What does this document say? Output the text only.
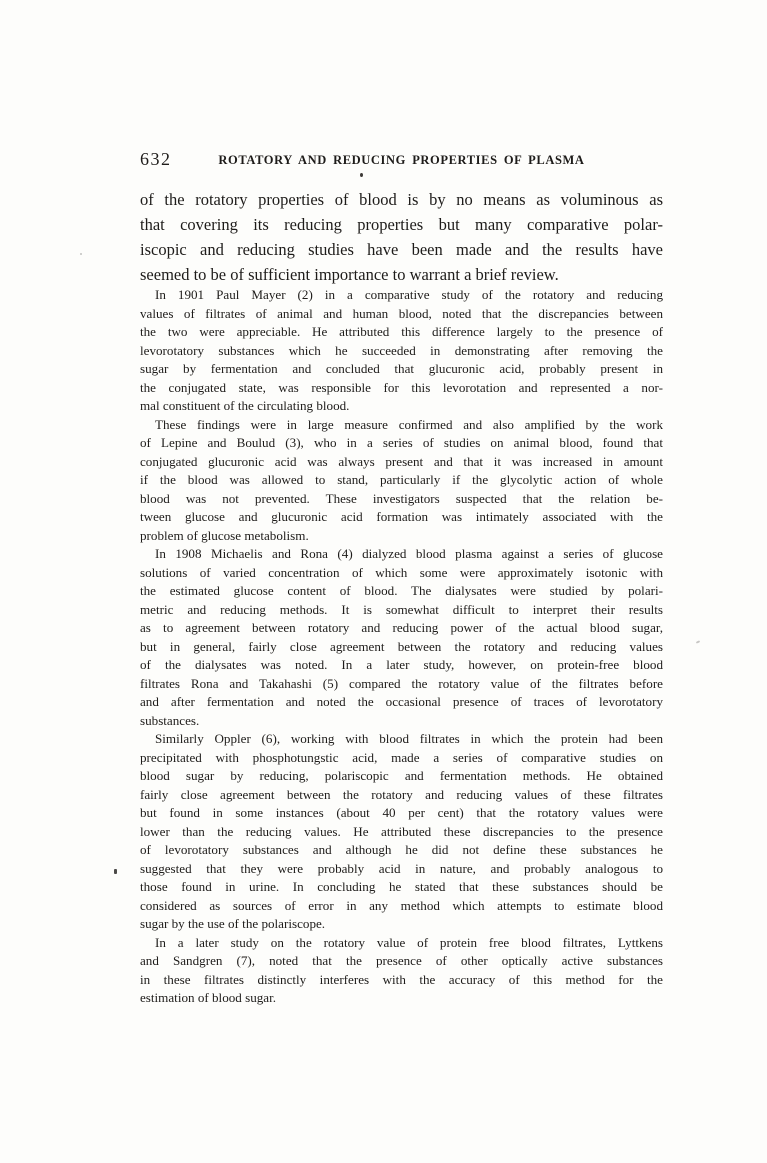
632	ROTATORY AND REDUCING PROPERTIES OF PLASMA
of the rotatory properties of blood is by no means as voluminous as
that covering its reducing properties but many comparative polar-
iscopic and reducing studies have been made and the results have
seemed to be of sufficient importance to warrant a brief review.
In 1901 Paul Mayer (2) in a comparative study of the rotatory and reducing
values of filtrates of animal and human blood, noted that the discrepancies between
the two were appreciable. He attributed this difference largely to the presence of
levorotatory substances which he succeeded in demonstrating after removing the
sugar by fermentation and concluded that glucuronic acid, probably present in
the conjugated state, was responsible for this levorotation and represented a nor-
mal constituent of the circulating blood.
These findings were in large measure confirmed and also amplified by the work
of Lepine and Boulud (3), who in a series of studies on animal blood, found that
conjugated glucuronic acid was always present and that it was increased in amount
if the blood was allowed to stand, particularly if the glycolytic action of whole
blood was not prevented. These investigators suspected that the relation be-
tween glucose and glucuronic acid formation was intimately associated with the
problem of glucose metabolism.
In 1908 Michaelis and Rona (4) dialyzed blood plasma against a series of glucose
solutions of varied concentration of which some were approximately isotonic with
the estimated glucose content of blood. The dialysates were studied by polari-
metric and reducing methods. It is somewhat difficult to interpret their results
as to agreement between rotatory and reducing power of the actual blood sugar,
but in general, fairly close agreement between the rotatory and reducing values
of the dialysates was noted. In a later study, however, on protein-free blood
filtrates Rona and Takahashi (5) compared the rotatory value of the filtrates before
and after fermentation and noted the occasional presence of traces of levorotatory
substances.
Similarly Oppler (6), working with blood filtrates in which the protein had been
precipitated with phosphotungstic acid, made a series of comparative studies on
blood sugar by reducing, polariscopic and fermentation methods. He obtained
fairly close agreement between the rotatory and reducing values of these filtrates
but found in some instances (about 40 per cent) that the rotatory values were
lower than the reducing values. He attributed these discrepancies to the presence
of levorotatory substances and although he did not define these substances he
suggested that they were probably acid in nature, and probably analogous to
those found in urine. In concluding he stated that these substances should be
considered as sources of error in any method which attempts to estimate blood
sugar by the use of the polariscope.
In a later study on the rotatory value of protein free blood filtrates, Lyttkens
and Sandgren (7), noted that the presence of other optically active substances
in these filtrates distinctly interferes with the accuracy of this method for the
estimation of blood sugar.
